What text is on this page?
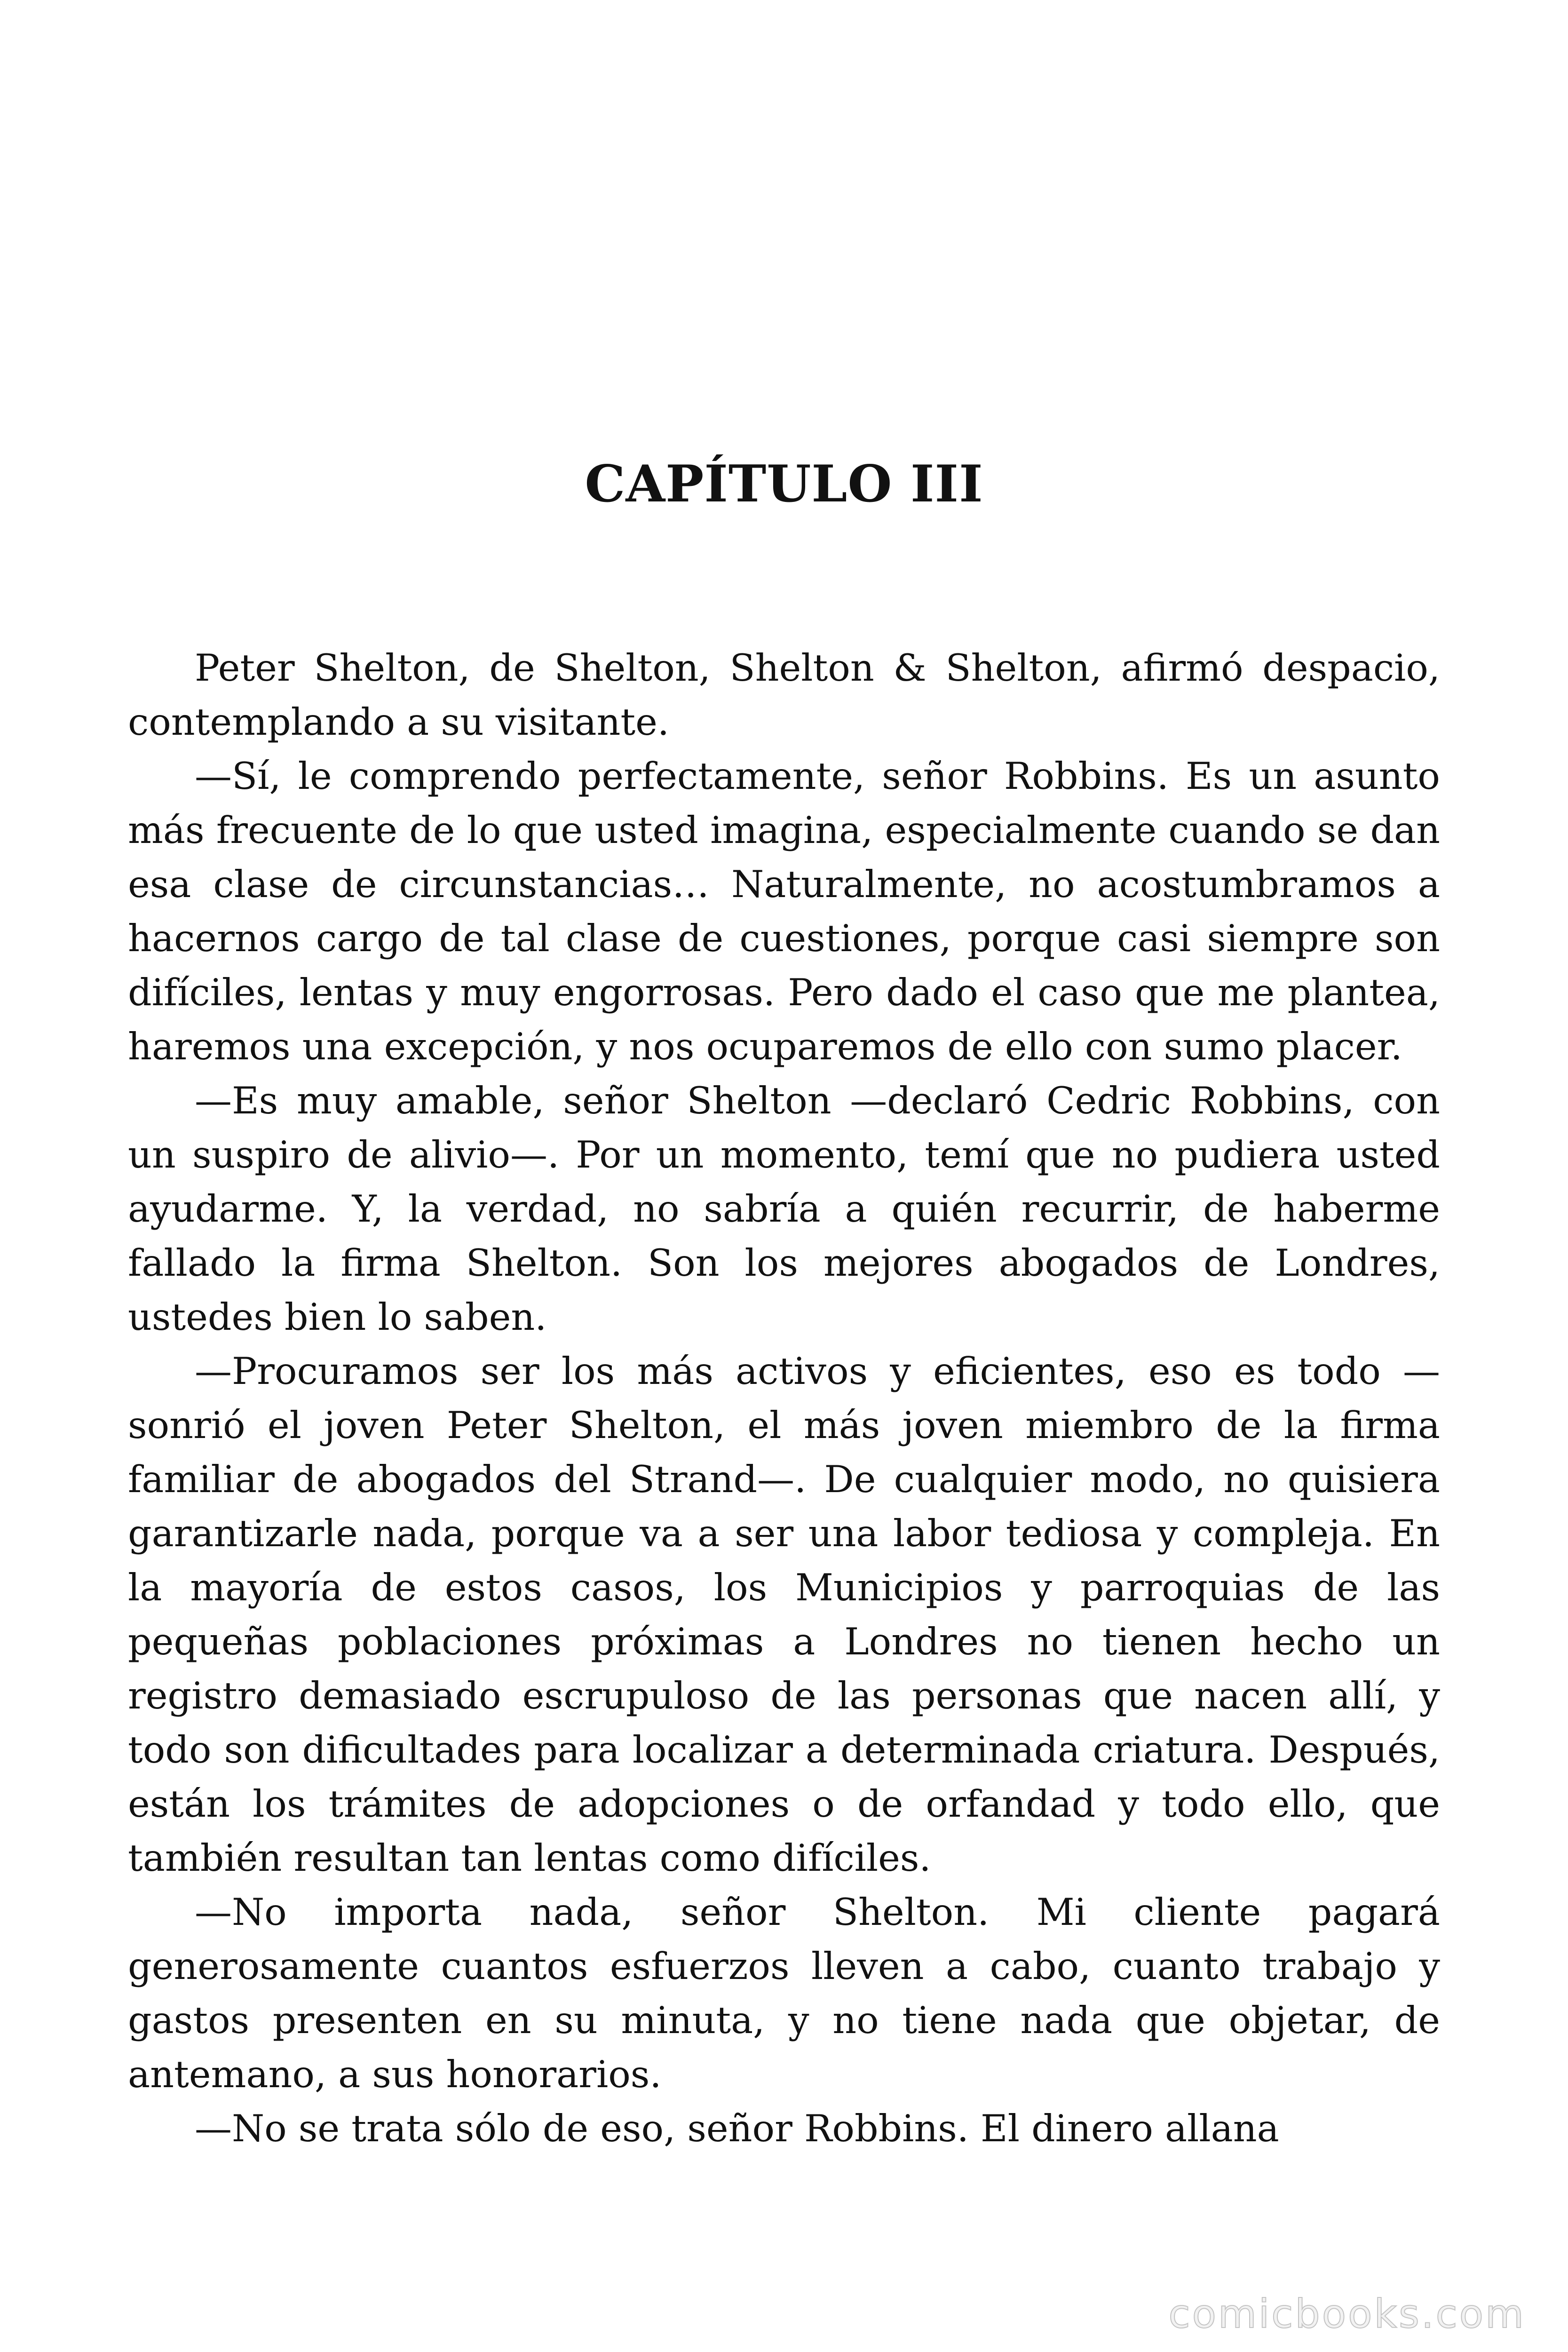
CAPÍTULO III

Peter Shelton, de Shelton, Shelton & Shelton, afirmó despacio, contemplando a su visitante.

—Sí, le comprendo perfectamente, señor Robbins. Es un asunto más frecuente de lo que usted imagina, especialmente cuando se dan esa clase de circunstancias… Naturalmente, no acostumbramos a hacernos cargo de tal clase de cuestiones, porque casi siempre son difíciles, lentas y muy engorrosas. Pero dado el caso que me plantea, haremos una excepción, y nos ocuparemos de ello con sumo placer.

—Es muy amable, señor Shelton —declaró Cedric Robbins, con un suspiro de alivio—. Por un momento, temí que no pudiera usted ayudarme. Y, la verdad, no sabría a quién recurrir, de haberme fallado la firma Shelton. Son los mejores abogados de Londres, ustedes bien lo saben.

—Procuramos ser los más activos y eficientes, eso es todo —sonrió el joven Peter Shelton, el más joven miembro de la firma familiar de abogados del Strand—. De cualquier modo, no quisiera garantizarle nada, porque va a ser una labor tediosa y compleja. En la mayoría de estos casos, los Municipios y parroquias de las pequeñas poblaciones próximas a Londres no tienen hecho un registro demasiado escrupuloso de las personas que nacen allí, y todo son dificultades para localizar a determinada criatura. Después, están los trámites de adopciones o de orfandad y todo ello, que también resultan tan lentas como difíciles.

—No importa nada, señor Shelton. Mi cliente pagará generosamente cuantos esfuerzos lleven a cabo, cuanto trabajo y gastos presenten en su minuta, y no tiene nada que objetar, de antemano, a sus honorarios.

—No se trata sólo de eso, señor Robbins. El dinero allana

comicbooks.com
